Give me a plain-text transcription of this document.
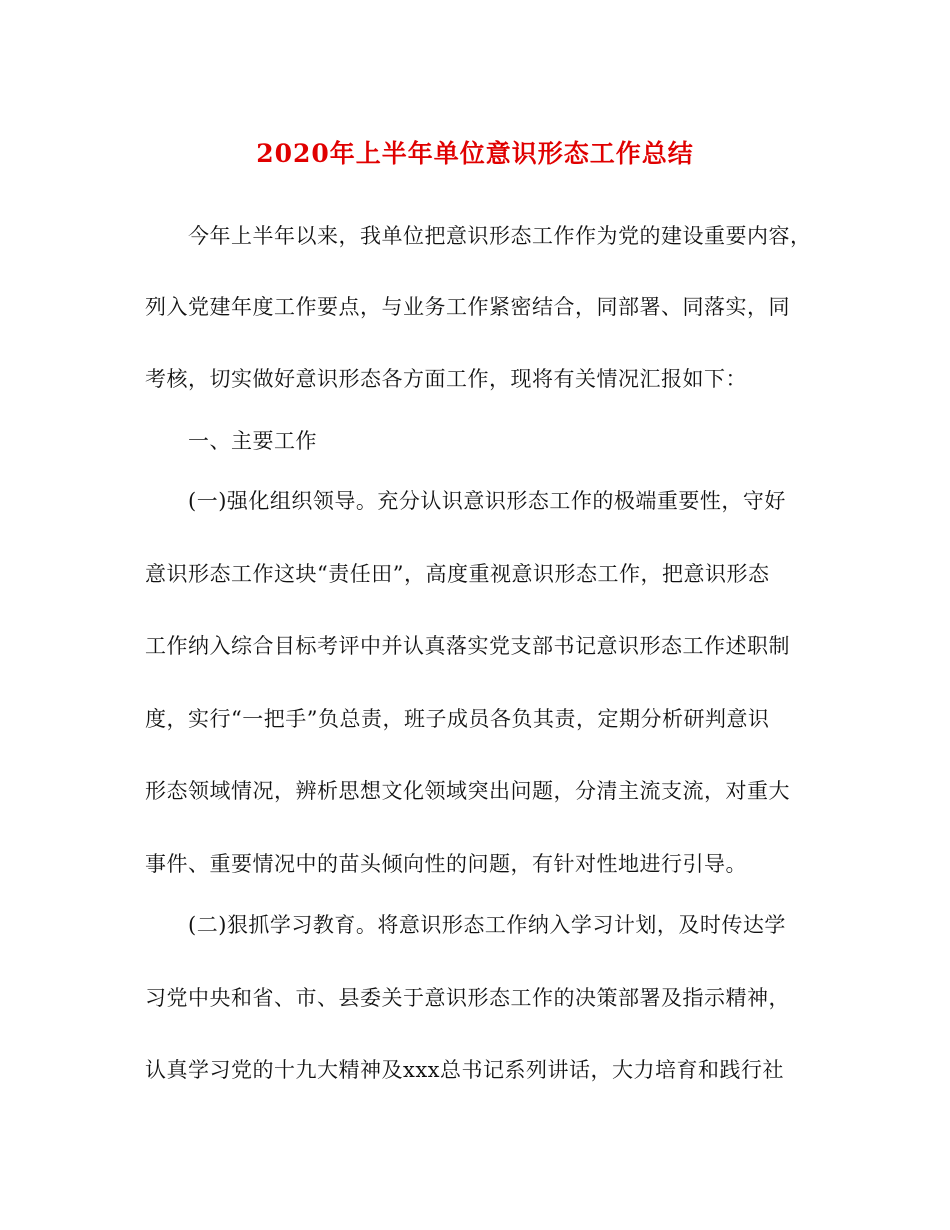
2020年上半年单位意识形态工作总结
今年上半年以来，我单位把意识形态工作作为党的建设重要内容，
列入党建年度工作要点，与业务工作紧密结合，同部署、同落实，同
考核，切实做好意识形态各方面工作，现将有关情况汇报如下：
一、主要工作
(一)强化组织领导。充分认识意识形态工作的极端重要性，守好
意识形态工作这块“责任田”，高度重视意识形态工作，把意识形态
工作纳入综合目标考评中并认真落实党支部书记意识形态工作述职制
度，实行“一把手”负总责，班子成员各负其责，定期分析研判意识
形态领域情况，辨析思想文化领域突出问题，分清主流支流，对重大
事件、重要情况中的苗头倾向性的问题，有针对性地进行引导。
(二)狠抓学习教育。将意识形态工作纳入学习计划，及时传达学
习党中央和省、市、县委关于意识形态工作的决策部署及指示精神，
认真学习党的十九大精神及xxx总书记系列讲话，大力培育和践行社
